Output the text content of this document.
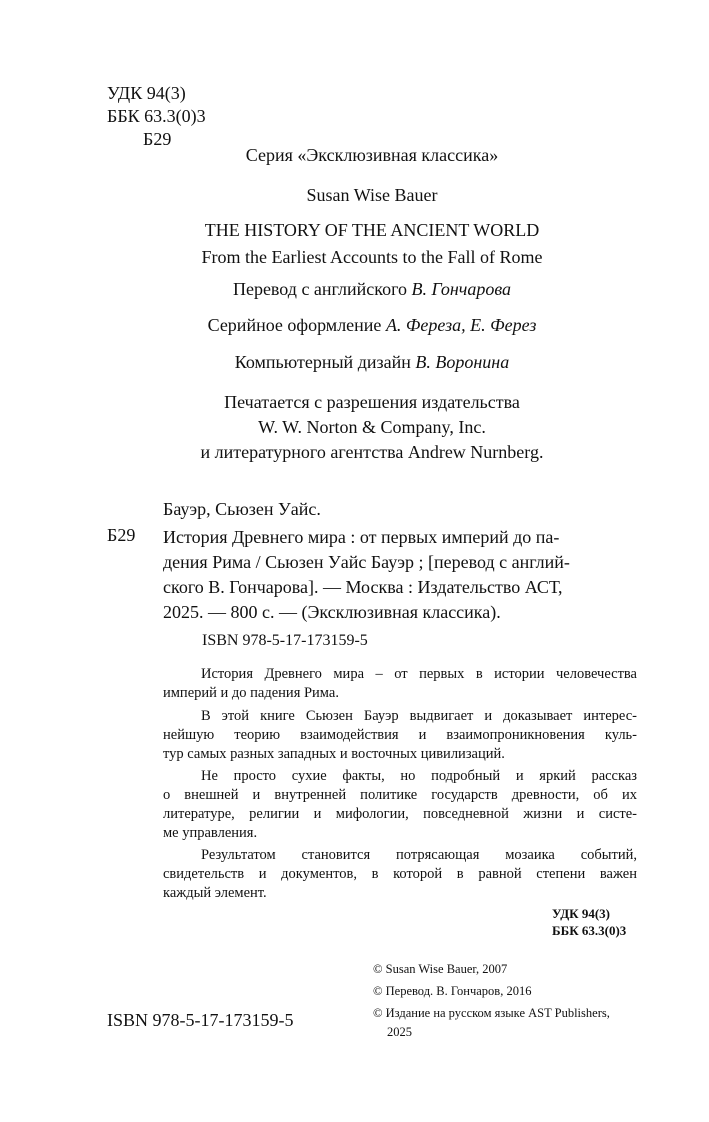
УДК 94(3)
ББК 63.3(0)3
Б29
Серия «Эксклюзивная классика»
Susan Wise Bauer
THE HISTORY OF THE ANCIENT WORLD
From the Earliest Accounts to the Fall of Rome
Перевод с английского В. Гончарова
Серийное оформление А. Фереза, Е. Ферез
Компьютерный дизайн В. Воронина
Печатается с разрешения издательства
W. W. Norton & Company, Inc.
и литературного агентства Andrew Nurnberg.
Бауэр, Сьюзен Уайс.
Б29 История Древнего мира : от первых империй до па-
дения Рима / Сьюзен Уайс Бауэр ; [перевод с англий-
ского В. Гончарова]. — Москва : Издательство АСТ,
2025. — 800 с. — (Эксклюзивная классика).
ISBN 978-5-17-173159-5
История Древнего мира – от первых в истории человечества
империй и до падения Рима.
В этой книге Сьюзен Бауэр выдвигает и доказывает интерес-
нейшую теорию взаимодействия и взаимопроникновения куль-
тур самых разных западных и восточных цивилизаций.
Не просто сухие факты, но подробный и яркий рассказ
о внешней и внутренней политике государств древности, об их
литературе, религии и мифологии, повседневной жизни и систе-
ме управления.
Результатом становится потрясающая мозаика событий,
свидетельств и документов, в которой в равной степени важен
каждый элемент.
УДК 94(3)
ББК 63.3(0)3
© Susan Wise Bauer, 2007
© Перевод. В. Гончаров, 2016
© Издание на русском языке AST Publishers,
2025
ISBN 978-5-17-173159-5
